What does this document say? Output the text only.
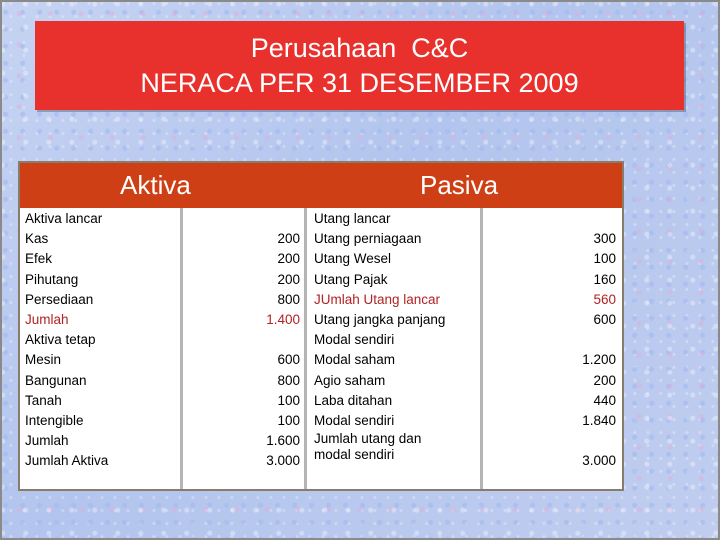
Perusahaan  C&C
NERACA PER 31 DESEMBER 2009
Aktiva	Pasiva
Aktiva lancar
Kas
Efek
Pihutang
Persediaan
Jumlah
Aktiva tetap
Mesin
Bangunan
Tanah
Intengible
Jumlah
Jumlah Aktiva
200
200
200
800
1.400
600
800
100
100
1.600
3.000
Utang lancar
Utang perniagaan
Utang Wesel
Utang Pajak
JUmlah Utang lancar
Utang jangka panjang
Modal sendiri
Modal saham
Agio saham
Laba ditahan
Modal sendiri
Jumlah utang dan modal sendiri
300
100
160
560
600
1.200
200
440
1.840
3.000
